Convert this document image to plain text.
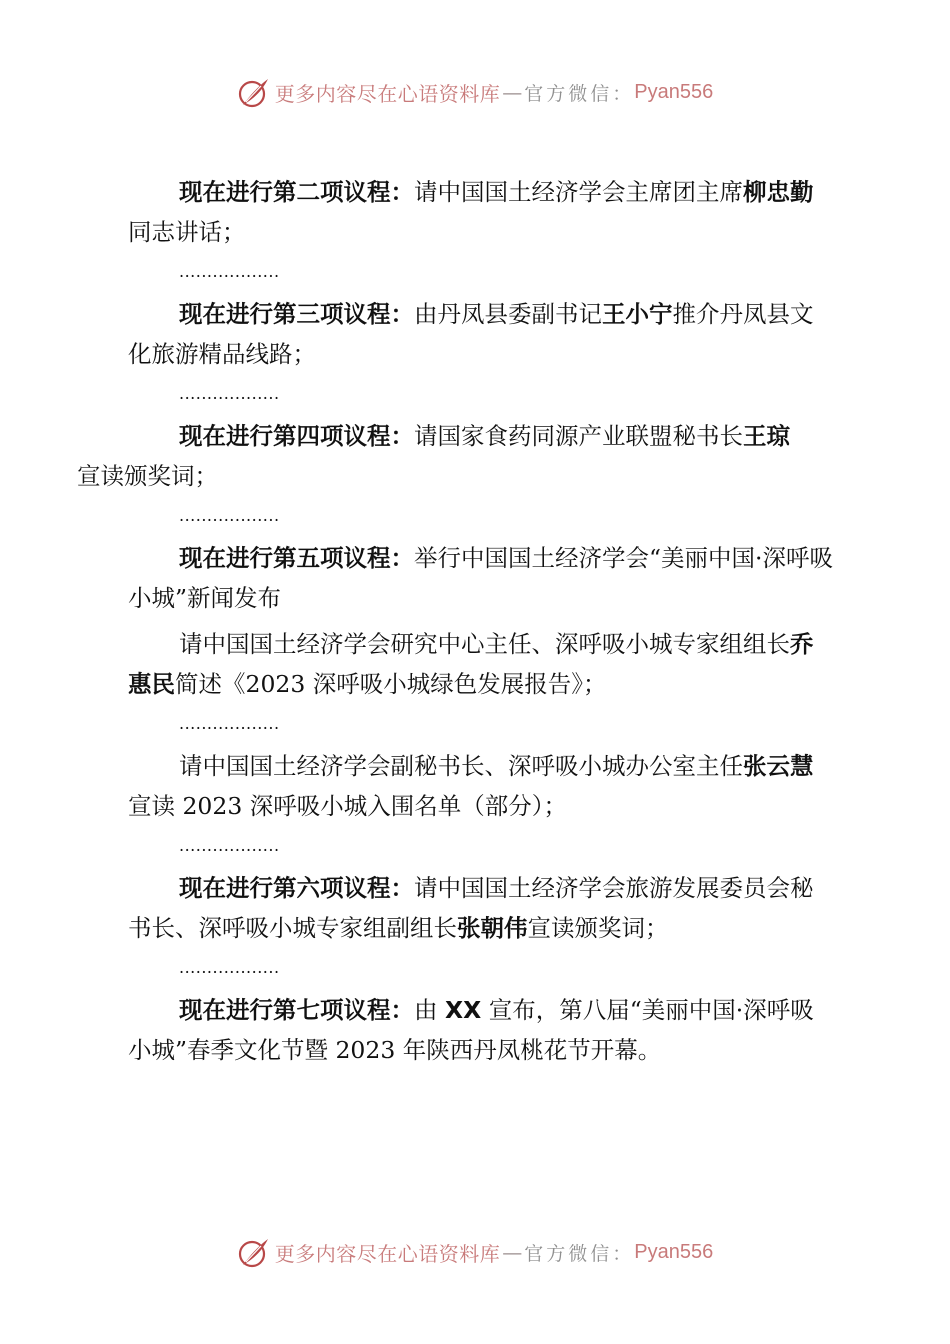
更多内容尽在心语资料库 — 官方微信： Pyan556

现在进行第二项议程：请中国国土经济学会主席团主席柳忠勤同志讲话；

..................

现在进行第三项议程：由丹凤县委副书记王小宁推介丹凤县文化旅游精品线路；

..................

现在进行第四项议程：请国家食药同源产业联盟秘书长王琼
宣读颁奖词；

..................

现在进行第五项议程：举行中国国土经济学会“美丽中国·深呼吸小城”新闻发布

请中国国土经济学会研究中心主任、深呼吸小城专家组组长乔惠民简述《2023 深呼吸小城绿色发展报告》；

..................

请中国国土经济学会副秘书长、深呼吸小城办公室主任张云慧宣读 2023 深呼吸小城入围名单（部分）；

..................

现在进行第六项议程：请中国国土经济学会旅游发展委员会秘书长、深呼吸小城专家组副组长张朝伟宣读颁奖词；

..................

现在进行第七项议程：由 XX 宣布，第八届“美丽中国·深呼吸小城”春季文化节暨 2023 年陕西丹凤桃花节开幕。

更多内容尽在心语资料库 — 官方微信： Pyan556
